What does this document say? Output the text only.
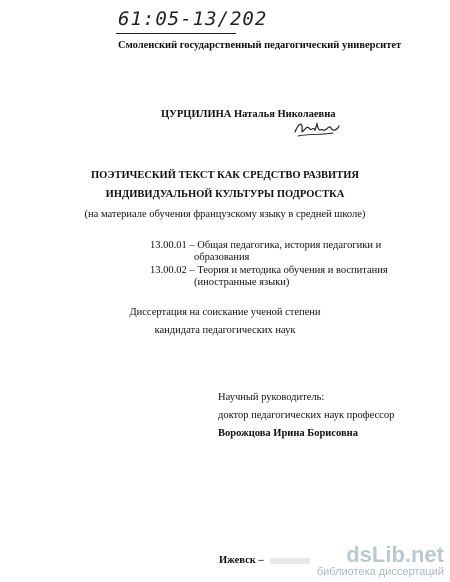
61:05-13/202
Смоленский государственный педагогический университет
ЦУРЦИЛИНА Наталья Николаевна
ПОЭТИЧЕСКИЙ ТЕКСТ КАК СРЕДСТВО РАЗВИТИЯ
ИНДИВИДУАЛЬНОЙ КУЛЬТУРЫ ПОДРОСТКА
(на материале обучения французскому языку в средней школе)
13.00.01 – Общая педагогика, история педагогики и
образования
13.00.02 – Теория и методика обучения и воспитания
(иностранные языки)
Диссертация на соискание ученой степени
кандидата педагогических наук
Научный руководитель:
доктор педагогических наук профессор
Ворожцова Ирина Борисовна
Ижевск –	dsLib.net
библиотека диссертаций
